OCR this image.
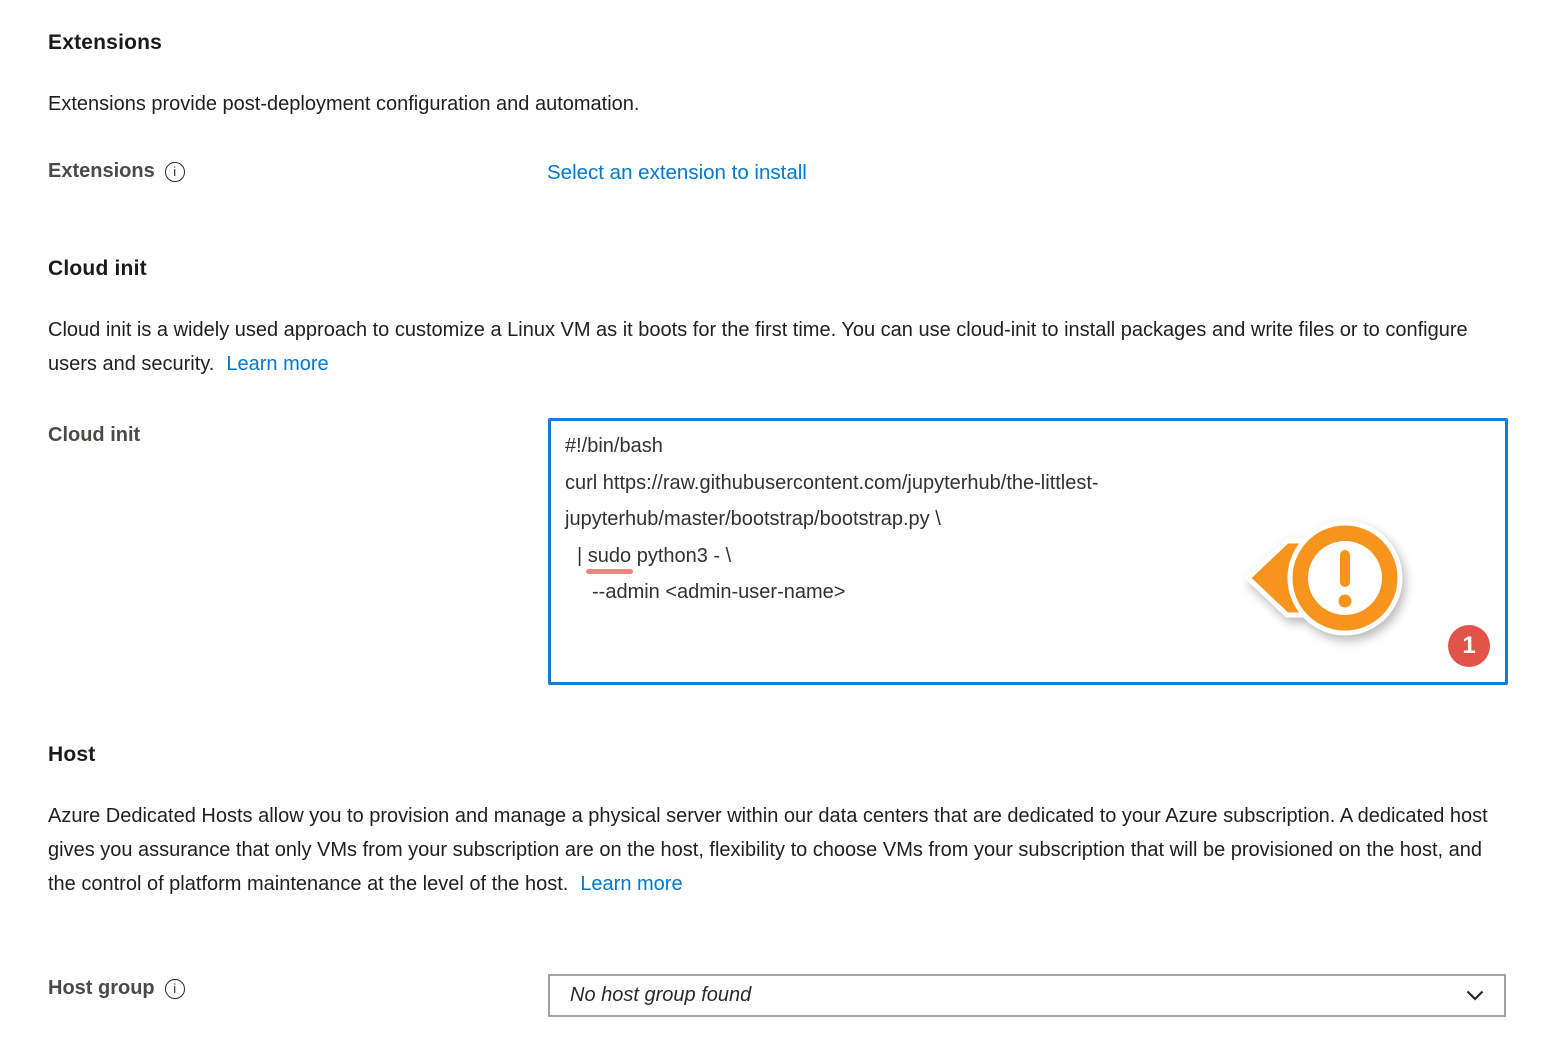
Extensions

Extensions provide post-deployment configuration and automation.

Extensions	i	Select an extension to install
Cloud init

Cloud init is a widely used approach to customize a Linux VM as it boots for the first time. You can use cloud-init to install packages and write files or to configure users and security. Learn more

Cloud init	#!/bin/bash
curl https://raw.githubusercontent.com/jupyterhub/the-littlest-
jupyterhub/master/bootstrap/bootstrap.py \
| sudo python3 - \
--admin <admin-user-name>
1
Host

Azure Dedicated Hosts allow you to provision and manage a physical server within our data centers that are dedicated to your Azure subscription. A dedicated host gives you assurance that only VMs from your subscription are on the host, flexibility to choose VMs from your subscription that will be provisioned on the host, and the control of platform maintenance at the level of the host. Learn more

Host group	i	No host group found
